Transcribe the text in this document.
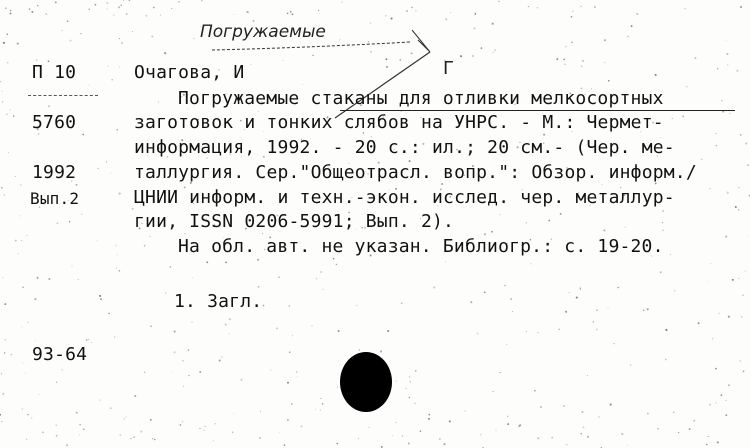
Погружаемые
Г
П 10
5760
1992
Вып.2
93-64
Очагова, И
Погружаемые стаканы для отливки мелкосортных
заготовок и тонких слябов на УНРС. - М.: Чермет-
информация, 1992. - 20 с.: ил.; 20 см.- (Чер. ме-
таллургия. Сер."Общеотрасл. вопр.": Обзор. информ./
ЦНИИ информ. и техн.-экон. исслед. чер. металлур-
гии, ISSN 0206-5991; Вып. 2).
На обл. авт. не указан. Библиогр.: с. 19-20.
1. Загл.
